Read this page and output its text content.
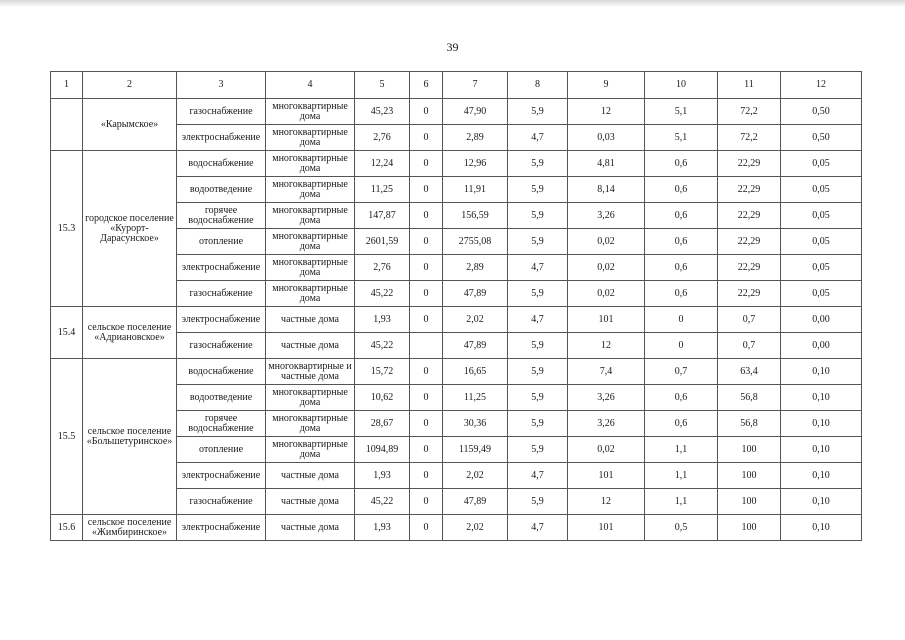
39
1	2	3	4	5	6	7	8	9	10	11	12
	«Карымское»	газоснабжение	многоквартирные дома	45,23	0	47,90	5,9	12	5,1	72,2	0,50
		электроснабжение	многоквартирные дома	2,76	0	2,89	4,7	0,03	5,1	72,2	0,50
15.3	городское поселение «Курорт-Дарасунское»	водоснабжение	многоквартирные дома	12,24	0	12,96	5,9	4,81	0,6	22,29	0,05
		водоотведение	многоквартирные дома	11,25	0	11,91	5,9	8,14	0,6	22,29	0,05
		горячее водоснабжение	многоквартирные дома	147,87	0	156,59	5,9	3,26	0,6	22,29	0,05
		отопление	многоквартирные дома	2601,59	0	2755,08	5,9	0,02	0,6	22,29	0,05
		электроснабжение	многоквартирные дома	2,76	0	2,89	4,7	0,02	0,6	22,29	0,05
		газоснабжение	многоквартирные дома	45,22	0	47,89	5,9	0,02	0,6	22,29	0,05
15.4	сельское поселение «Адриановское»	электроснабжение	частные дома	1,93	0	2,02	4,7	101	0	0,7	0,00
		газоснабжение	частные дома	45,22		47,89	5,9	12	0	0,7	0,00
15.5	сельское поселение «Большетуринское»	водоснабжение	многоквартирные и частные дома	15,72	0	16,65	5,9	7,4	0,7	63,4	0,10
		водоотведение	многоквартирные дома	10,62	0	11,25	5,9	3,26	0,6	56,8	0,10
		горячее водоснабжение	многоквартирные дома	28,67	0	30,36	5,9	3,26	0,6	56,8	0,10
		отопление	многоквартирные дома	1094,89	0	1159,49	5,9	0,02	1,1	100	0,10
		электроснабжение	частные дома	1,93	0	2,02	4,7	101	1,1	100	0,10
		газоснабжение	частные дома	45,22	0	47,89	5,9	12	1,1	100	0,10
15.6	сельское поселение «Жимбиринское»	электроснабжение	частные дома	1,93	0	2,02	4,7	101	0,5	100	0,10
